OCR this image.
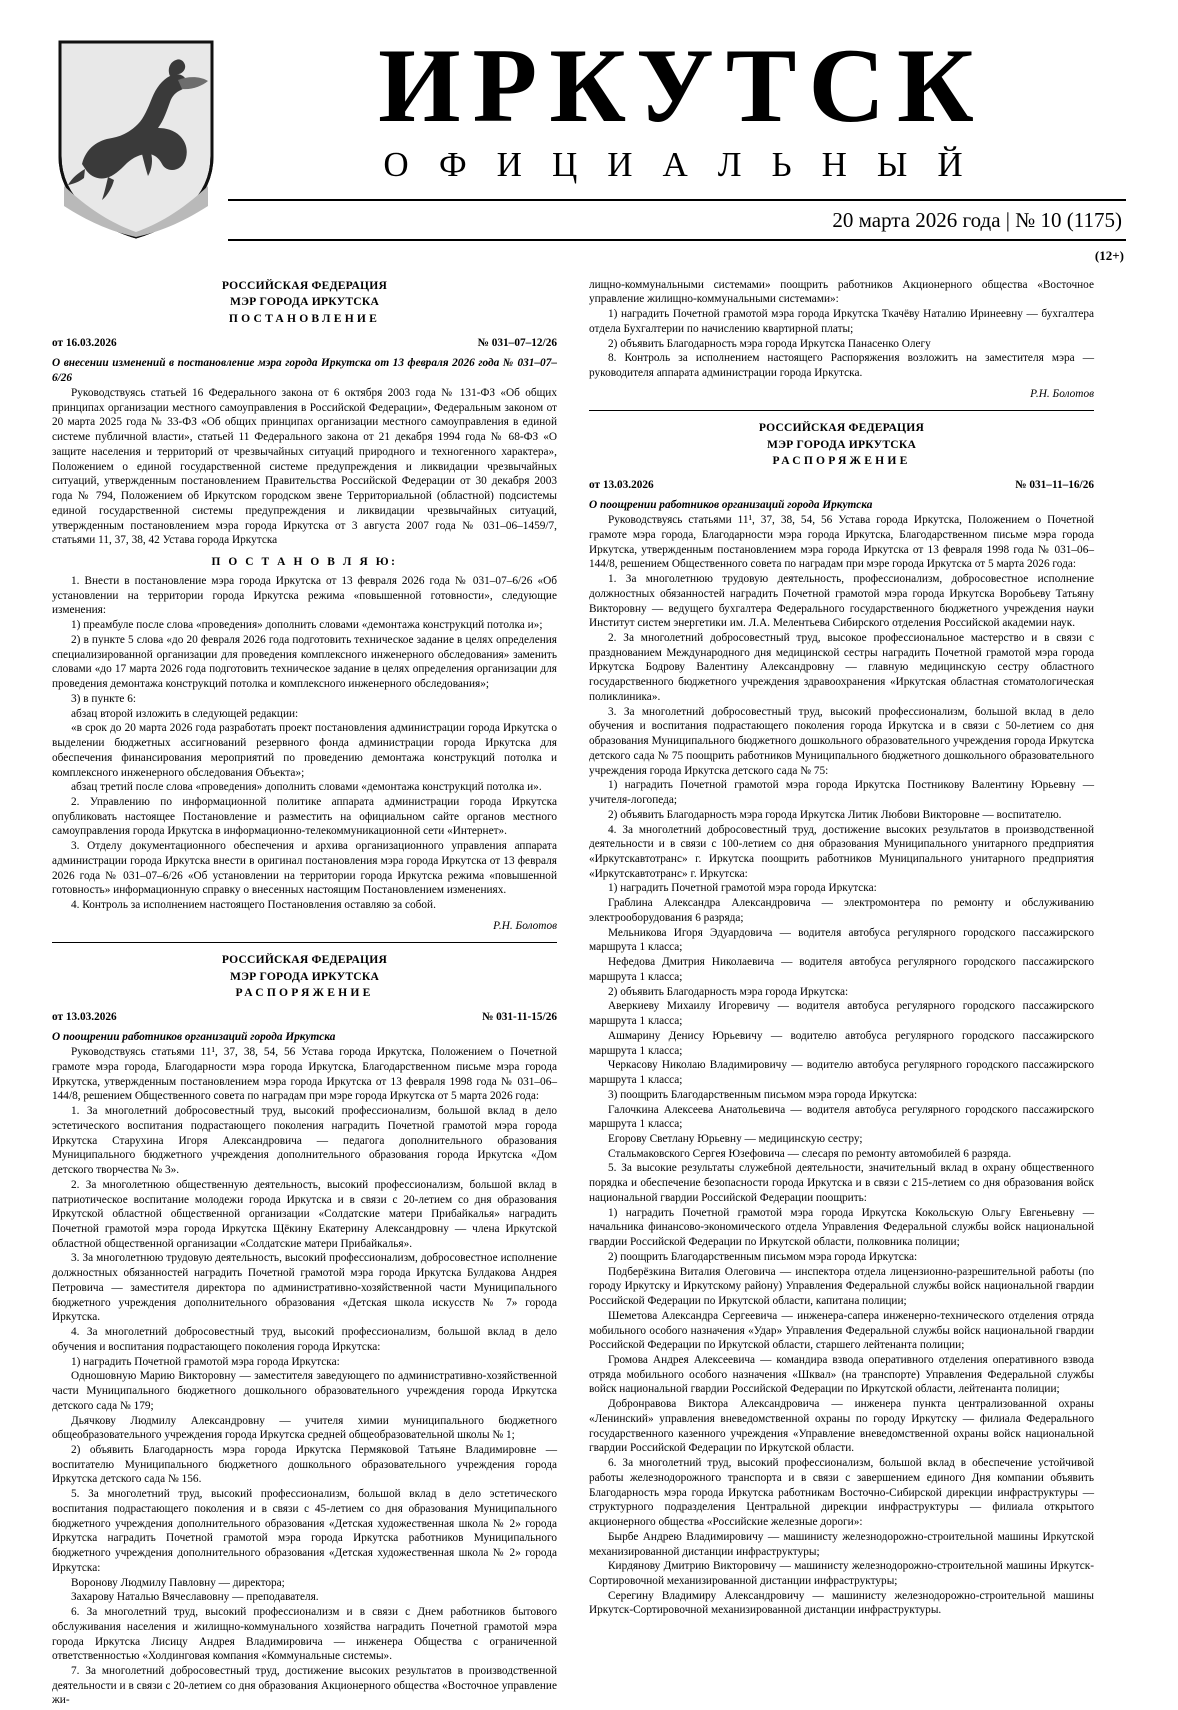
ИРКУТСК
ОФИЦИАЛЬНЫЙ
20 марта 2026 года | № 10 (1175)
(12+)
РОССИЙСКАЯ ФЕДЕРАЦИЯ
МЭР ГОРОДА ИРКУТСКА
ПОСТАНОВЛЕНИЕ
от 16.03.2026	№ 031–07–12/26
О внесении изменений в постановление мэра города Иркутска от 13 февраля 2026 года № 031–07–6/26

Руководствуясь статьей 16 Федерального закона от 6 октября 2003 года № 131-ФЗ «Об общих принципах организации местного самоуправления в Российской Федерации», Федеральным законом от 20 марта 2025 года № 33-ФЗ «Об общих принципах организации местного самоуправления в единой системе публичной власти», статьей 11 Федерального закона от 21 декабря 1994 года № 68-ФЗ «О защите населения и территорий от чрезвычайных ситуаций природного и техногенного характера», Положением о единой государственной системе предупреждения и ликвидации чрезвычайных ситуаций, утвержденным постановлением Правительства Российской Федерации от 30 декабря 2003 года № 794, Положением об Иркутском городском звене Территориальной (областной) подсистемы единой государственной системы предупреждения и ликвидации чрезвычайных ситуаций, утвержденным постановлением мэра города Иркутска от 3 августа 2007 года № 031–06–1459/7, статьями 11, 37, 38, 42 Устава города Иркутска

П О С Т А Н О В Л Я Ю:

1. Внести в постановление мэра города Иркутска от 13 февраля 2026 года № 031–07–6/26 «Об установлении на территории города Иркутска режима «повышенной готовности», следующие изменения:

1) преамбуле после слова «проведения» дополнить словами «демонтажа конструкций потолка и»;

2) в пункте 5 слова «до 20 февраля 2026 года подготовить техническое задание в целях определения специализированной организации для проведения комплексного инженерного обследования» заменить словами «до 17 марта 2026 года подготовить техническое задание в целях определения организации для проведения демонтажа конструкций потолка и комплексного инженерного обследования»;

3) в пункте 6:

абзац второй изложить в следующей редакции:

«в срок до 20 марта 2026 года разработать проект постановления администрации города Иркутска о выделении бюджетных ассигнований резервного фонда администрации города Иркутска для обеспечения финансирования мероприятий по проведению демонтажа конструкций потолка и комплексного инженерного обследования Объекта»;

абзац третий после слова «проведения» дополнить словами «демонтажа конструкций потолка и».

2. Управлению по информационной политике аппарата администрации города Иркутска опубликовать настоящее Постановление и разместить на официальном сайте органов местного самоуправления города Иркутска в информационно-телекоммуникационной сети «Интернет».

3. Отделу документационного обеспечения и архива организационного управления аппарата администрации города Иркутска внести в оригинал постановления мэра города Иркутска от 13 февраля 2026 года № 031–07–6/26 «Об установлении на территории города Иркутска режима «повышенной готовность» информационную справку о внесенных настоящим Постановлением изменениях.

4. Контроль за исполнением настоящего Постановления оставляю за собой.

Р.Н. Болотов
РОССИЙСКАЯ ФЕДЕРАЦИЯ
МЭР ГОРОДА ИРКУТСКА
РАСПОРЯЖЕНИЕ
от 13.03.2026	№ 031-11-15/26
О поощрении работников организаций города Иркутска

Руководствуясь статьями 11¹, 37, 38, 54, 56 Устава города Иркутска, Положением о Почетной грамоте мэра города, Благодарности мэра города Иркутска, Благодарственном письме мэра города Иркутска, утвержденным постановлением мэра города Иркутска от 13 февраля 1998 года № 031–06–144/8, решением Общественного совета по наградам при мэре города Иркутска от 5 марта 2026 года:

1. За многолетний добросовестный труд, высокий профессионализм, большой вклад в дело эстетического воспитания подрастающего поколения наградить Почетной грамотой мэра города Иркутска Старухина Игоря Александровича — педагога дополнительного образования Муниципального бюджетного учреждения дополнительного образования города Иркутска «Дом детского творчества № 3».

2. За многолетнюю общественную деятельность, высокий профессионализм, большой вклад в патриотическое воспитание молодежи города Иркутска и в связи с 20-летием со дня образования Иркутской областной общественной организации «Солдатские матери Прибайкалья» наградить Почетной грамотой мэра города Иркутска Щёкину Екатерину Александровну — члена Иркутской областной общественной организации «Солдатские матери Прибайкалья».

3. За многолетнюю трудовую деятельность, высокий профессионализм, добросовестное исполнение должностных обязанностей наградить Почетной грамотой мэра города Иркутска Булдакова Андрея Петровича — заместителя директора по административно-хозяйственной части Муниципального бюджетного учреждения дополнительного образования «Детская школа искусств № 7» города Иркутска.

4. За многолетний добросовестный труд, высокий профессионализм, большой вклад в дело обучения и воспитания подрастающего поколения города Иркутска:

1) наградить Почетной грамотой мэра города Иркутска:

Одношовную Марию Викторовну — заместителя заведующего по административно-хозяйственной части Муниципального бюджетного дошкольного образовательного учреждения города Иркутска детского сада № 179;

Дьячкову Людмилу Александровну — учителя химии муниципального бюджетного общеобразовательного учреждения города Иркутска средней общеобразовательной школы № 1;

2) объявить Благодарность мэра города Иркутска Пермяковой Татьяне Владимировне — воспитателю Муниципального бюджетного дошкольного образовательного учреждения города Иркутска детского сада № 156.

5. За многолетний труд, высокий профессионализм, большой вклад в дело эстетического воспитания подрастающего поколения и в связи с 45-летием со дня образования Муниципального бюджетного учреждения дополнительного образования «Детская художественная школа № 2» города Иркутска наградить Почетной грамотой мэра города Иркутска работников Муниципального бюджетного учреждения дополнительного образования «Детская художественная школа № 2» города Иркутска:

Воронову Людмилу Павловну — директора;

Захарову Наталью Вячеславовну — преподавателя.

6. За многолетний труд, высокий профессионализм и в связи с Днем работников бытового обслуживания населения и жилищно-коммунального хозяйства наградить Почетной грамотой мэра города Иркутска Лисицу Андрея Владимировича — инженера Общества с ограниченной ответственностью «Холдинговая компания «Коммунальные системы».

7. За многолетний добросовестный труд, достижение высоких результатов в производственной деятельности и в связи с 20-летием со дня образования Акционерного общества «Восточное управление жи-

лищно-коммунальными системами» поощрить работников Акционерного общества «Восточное управление жилищно-коммунальными системами»:

1) наградить Почетной грамотой мэра города Иркутска Ткачёву Наталию Иринеевну — бухгалтера отдела Бухгалтерии по начислению квартирной платы;

2) объявить Благодарность мэра города Иркутска Панасенко Олегу

8. Контроль за исполнением настоящего Распоряжения возложить на заместителя мэра — руководителя аппарата администрации города Иркутска.

Р.Н. Болотов
РОССИЙСКАЯ ФЕДЕРАЦИЯ
МЭР ГОРОДА ИРКУТСКА
РАСПОРЯЖЕНИЕ
от 13.03.2026	№ 031–11–16/26
О поощрении работников организаций города Иркутска

Руководствуясь статьями 11¹, 37, 38, 54, 56 Устава города Иркутска, Положением о Почетной грамоте мэра города, Благодарности мэра города Иркутска, Благодарственном письме мэра города Иркутска, утвержденным постановлением мэра города Иркутска от 13 февраля 1998 года № 031–06–144/8, решением Общественного совета по наградам при мэре города Иркутска от 5 марта 2026 года:

1. За многолетнюю трудовую деятельность, профессионализм, добросовестное исполнение должностных обязанностей наградить Почетной грамотой мэра города Иркутска Воробьеву Татьяну Викторовну — ведущего бухгалтера Федерального государственного бюджетного учреждения науки Институт систем энергетики им. Л.А. Мелентьева Сибирского отделения Российской академии наук.

2. За многолетний добросовестный труд, высокое профессиональное мастерство и в связи с празднованием Международного дня медицинской сестры наградить Почетной грамотой мэра города Иркутска Бодрову Валентину Александровну — главную медицинскую сестру областного государственного бюджетного учреждения здравоохранения «Иркутская областная стоматологическая поликлиника».

3. За многолетний добросовестный труд, высокий профессионализм, большой вклад в дело обучения и воспитания подрастающего поколения города Иркутска и в связи с 50-летием со дня образования Муниципального бюджетного дошкольного образовательного учреждения города Иркутска детского сада № 75 поощрить работников Муниципального бюджетного дошкольного образовательного учреждения города Иркутска детского сада № 75:

1) наградить Почетной грамотой мэра города Иркутска Постникову Валентину Юрьевну — учителя-логопеда;

2) объявить Благодарность мэра города Иркутска Литик Любови Викторовне — воспитателю.

4. За многолетний добросовестный труд, достижение высоких результатов в производственной деятельности и в связи с 100-летием со дня образования Муниципального унитарного предприятия «Иркутскавтотранс» г. Иркутска поощрить работников Муниципального унитарного предприятия «Иркутскавтотранс» г. Иркутска:

1) наградить Почетной грамотой мэра города Иркутска:

Граблина Александра Александровича — электромонтера по ремонту и обслуживанию электрооборудования 6 разряда;

Мельникова Игоря Эдуардовича — водителя автобуса регулярного городского пассажирского маршрута 1 класса;

Нефедова Дмитрия Николаевича — водителя автобуса регулярного городского пассажирского маршрута 1 класса;

2) объявить Благодарность мэра города Иркутска:

Аверкиеву Михаилу Игоревичу — водителя автобуса регулярного городского пассажирского маршрута 1 класса;

Ашмарину Денису Юрьевичу — водителю автобуса регулярного городского пассажирского маршрута 1 класса;

Черкасову Николаю Владимировичу — водителю автобуса регулярного городского пассажирского маршрута 1 класса;

3) поощрить Благодарственным письмом мэра города Иркутска:

Галочкина Алексеева Анатольевича — водителя автобуса регулярного городского пассажирского маршрута 1 класса;

Егорову Светлану Юрьевну — медицинскую сестру;

Стальмаковского Сергея Юзефовича — слесаря по ремонту автомобилей 6 разряда.

5. За высокие результаты служебной деятельности, значительный вклад в охрану общественного порядка и обеспечение безопасности города Иркутска и в связи с 215-летием со дня образования войск национальной гвардии Российской Федерации поощрить:

1) наградить Почетной грамотой мэра города Иркутска Кокольскую Ольгу Евгеньевну — начальника финансово-экономического отдела Управления Федеральной службы войск национальной гвардии Российской Федерации по Иркутской области, полковника полиции;

2) поощрить Благодарственным письмом мэра города Иркутска:

Подберёзкина Виталия Олеговича — инспектора отдела лицензионно-разрешительной работы (по городу Иркутску и Иркутскому району) Управления Федеральной службы войск национальной гвардии Российской Федерации по Иркутской области, капитана полиции;

Шеметова Александра Сергеевича — инженера-сапера инженерно-технического отделения отряда мобильного особого назначения «Удар» Управления Федеральной службы войск национальной гвардии Российской Федерации по Иркутской области, старшего лейтенанта полиции;

Громова Андрея Алексеевича — командира взвода оперативного отделения оперативного взвода отряда мобильного особого назначения «Шквал» (на транспорте) Управления Федеральной службы войск национальной гвардии Российской Федерации по Иркутской области, лейтенанта полиции;

Добронравова Виктора Александровича — инженера пункта централизованной охраны «Ленинский» управления вневедомственной охраны по городу Иркутску — филиала Федерального государственного казенного учреждения «Управление вневедомственной охраны войск национальной гвардии Российской Федерации по Иркутской области.

6. За многолетний труд, высокий профессионализм, большой вклад в обеспечение устойчивой работы железнодорожного транспорта и в связи с завершением единого Дня компании объявить Благодарность мэра города Иркутска работникам Восточно-Сибирской дирекции инфраструктуры — структурного подразделения Центральной дирекции инфраструктуры — филиала открытого акционерного общества «Российские железные дороги»:

Бырбе Андрею Владимировичу — машинисту железнодорожно-строительной машины Иркутской механизированной дистанции инфраструктуры;

Кирдянову Дмитрию Викторовичу — машинисту железнодорожно-строительной машины Иркутск-Сортировочной механизированной дистанции инфраструктуры;

Серегину Владимиру Александровичу — машинисту железнодорожно-строительной машины Иркутск-Сортировочной механизированной дистанции инфраструктуры.
